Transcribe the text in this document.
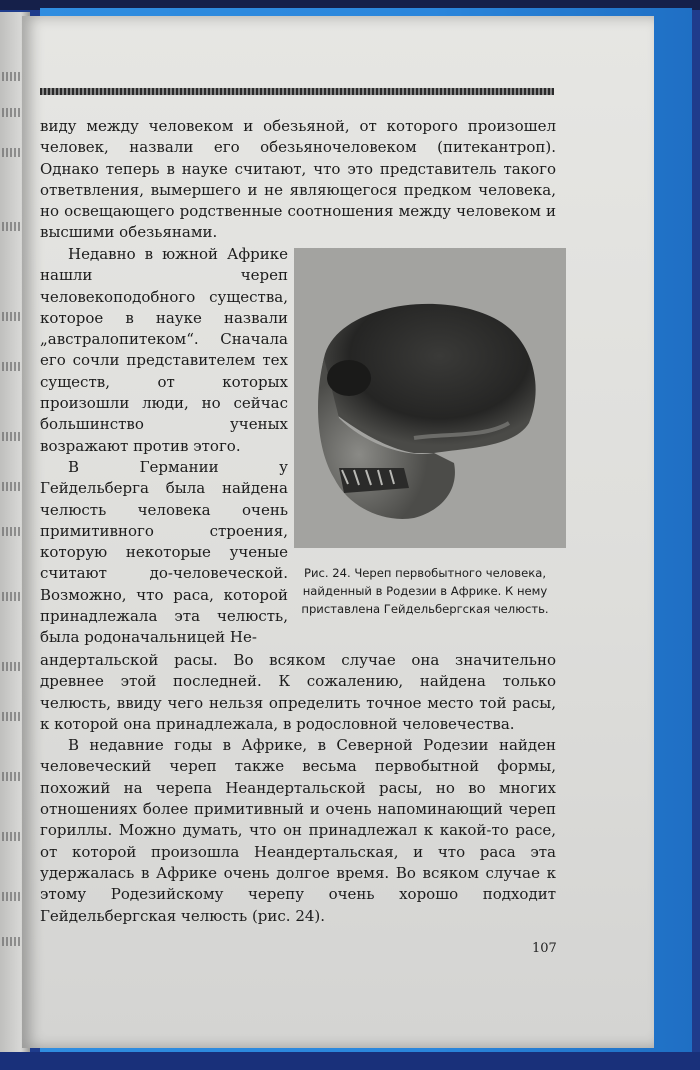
виду между человеком и обезьяной, от которого произошел человек, назвали его обезьяночеловеком (питекантроп). Однако теперь в науке считают, что это представитель такого ответвления, вымершего и не являющегося предком человека, но освещающего родственные соотношения между человеком и высшими обезьянами.

Недавно в южной Африке нашли череп человекоподобного существа, которое в науке назвали „австралопитеком“. Сначала его сочли представителем тех существ, от которых произошли люди, но сейчас большинство ученых возражают против этого.
В Германии у Гейдельберга была найдена челюсть человека очень примитивного строения, которую некоторые ученые считают до-человеческой. Возможно, что раса, которой принадлежала эта челюсть, была родоначальницей Не-

Рис. 24. Череп первобытного человека, найденный в Родезии в Африке. К нему приставлена Гейдельбергская челюсть.

андертальской расы. Во всяком случае она значительно древнее этой последней. К сожалению, найдена только челюсть, ввиду чего нельзя определить точное место той расы, к которой она принадлежала, в родословной человечества.
В недавние годы в Африке, в Северной Родезии найден человеческий череп также весьма первобытной формы, похожий на черепа Неандертальской расы, но во многих отношениях более примитивный и очень напоминающий череп гориллы. Можно думать, что он принадлежал к какой-то расе, от которой произошла Неандертальская, и что раса эта удержалась в Африке очень долгое время. Во всяком случае к этому Родезийскому черепу очень хорошо подходит Гейдельбергская челюсть (рис. 24).

107
